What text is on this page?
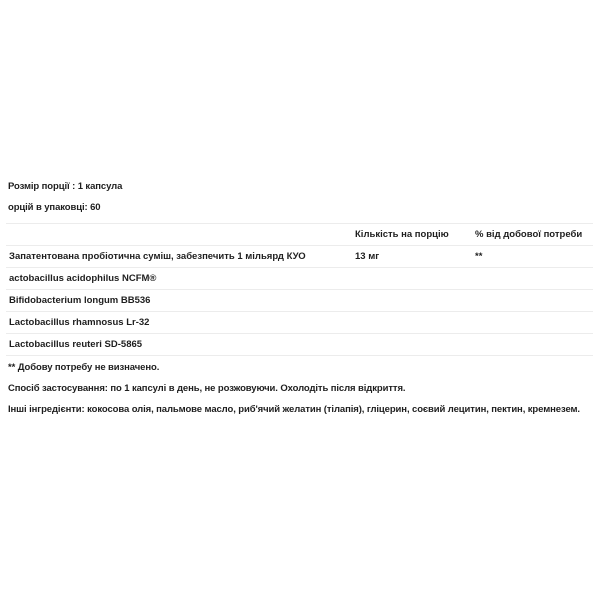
Розмір порції : 1 капсула
орцій в упаковці: 60
	Кількість на порцію	% від добової потреби
Запатентована пробіотична суміш, забезпечить 1 мільярд КУО	13 мг	**
actobacillus acidophilus NCFM®		
Bifidobacterium longum BB536		
Lactobacillus rhamnosus Lr-32		
Lactobacillus reuteri SD-5865		
** Добову потребу не визначено.
Спосіб застосування: по 1 капсулі в день, не розжовуючи. Охолодіть після відкриття.
Інші інгредієнти: кокосова олія, пальмове масло, риб'ячий желатин (тілапія), гліцерин, соєвий лецитин, пектин, кремнезем.
